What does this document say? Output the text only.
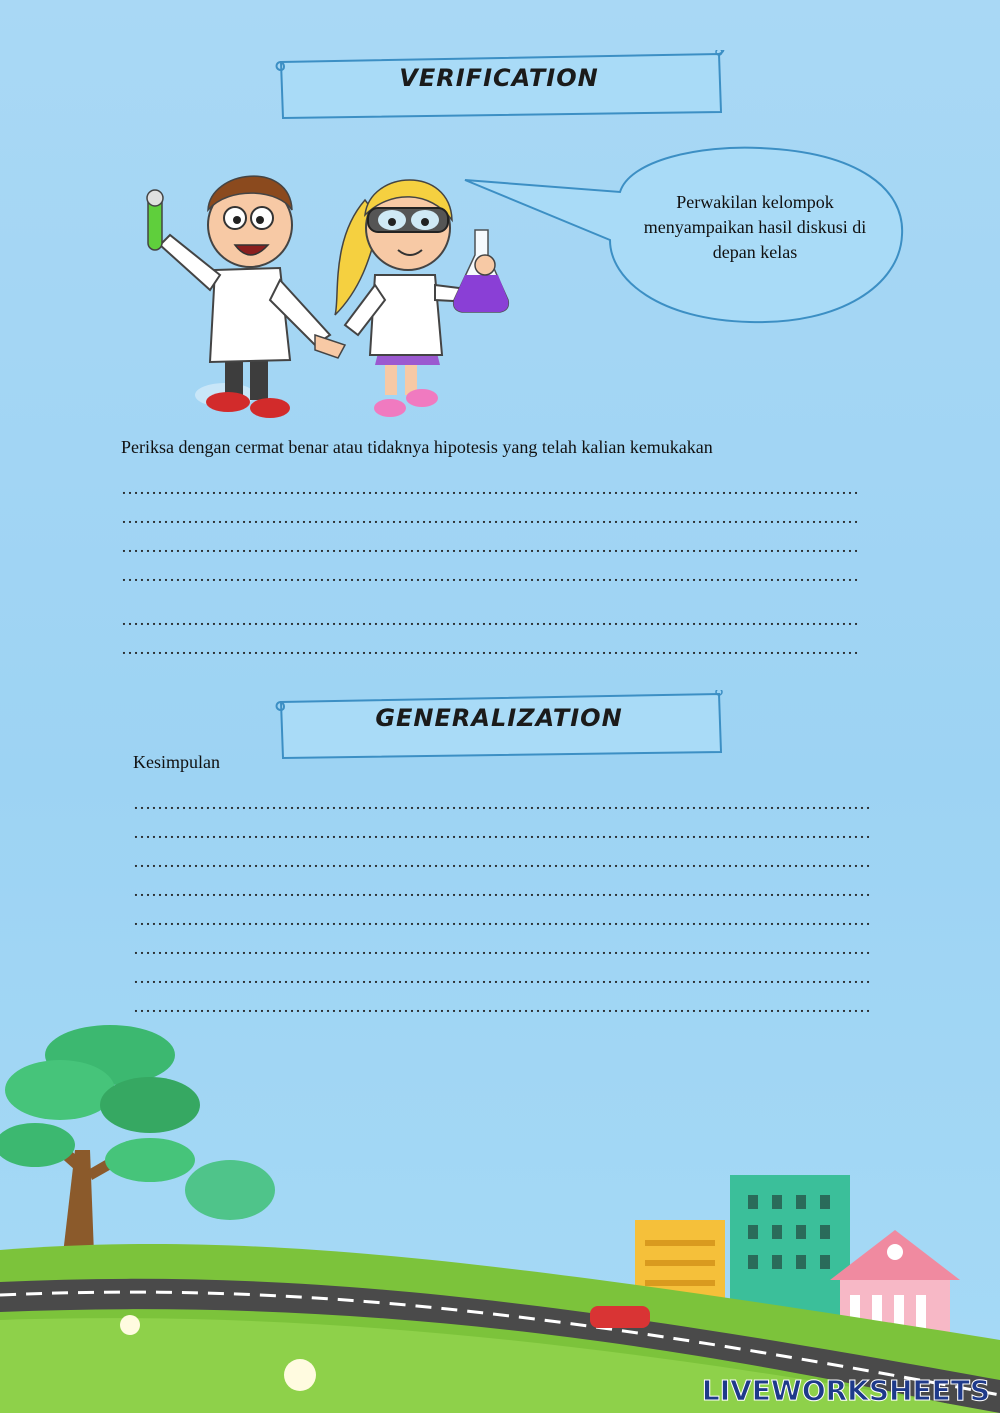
VERIFICATION
Perwakilan kelompok menyampaikan hasil diskusi di depan kelas
Periksa dengan cermat benar atau tidaknya hipotesis yang telah kalian kemukakan
……………………………………………………………………………………………………………
……………………………………………………………………………………………………………
……………………………………………………………………………………………………………
……………………………………………………………………………………………………………
……………………………………………………………………………………………………………
……………………………………………………………………………………………………………
GENERALIZATION
Kesimpulan
……………………………………………………………………………………………………………
……………………………………………………………………………………………………………
……………………………………………………………………………………………………………
……………………………………………………………………………………………………………
……………………………………………………………………………………………………………
……………………………………………………………………………………………………………
……………………………………………………………………………………………………………
……………………………………………………………………………………………………………
LIVEWORKSHEETS
